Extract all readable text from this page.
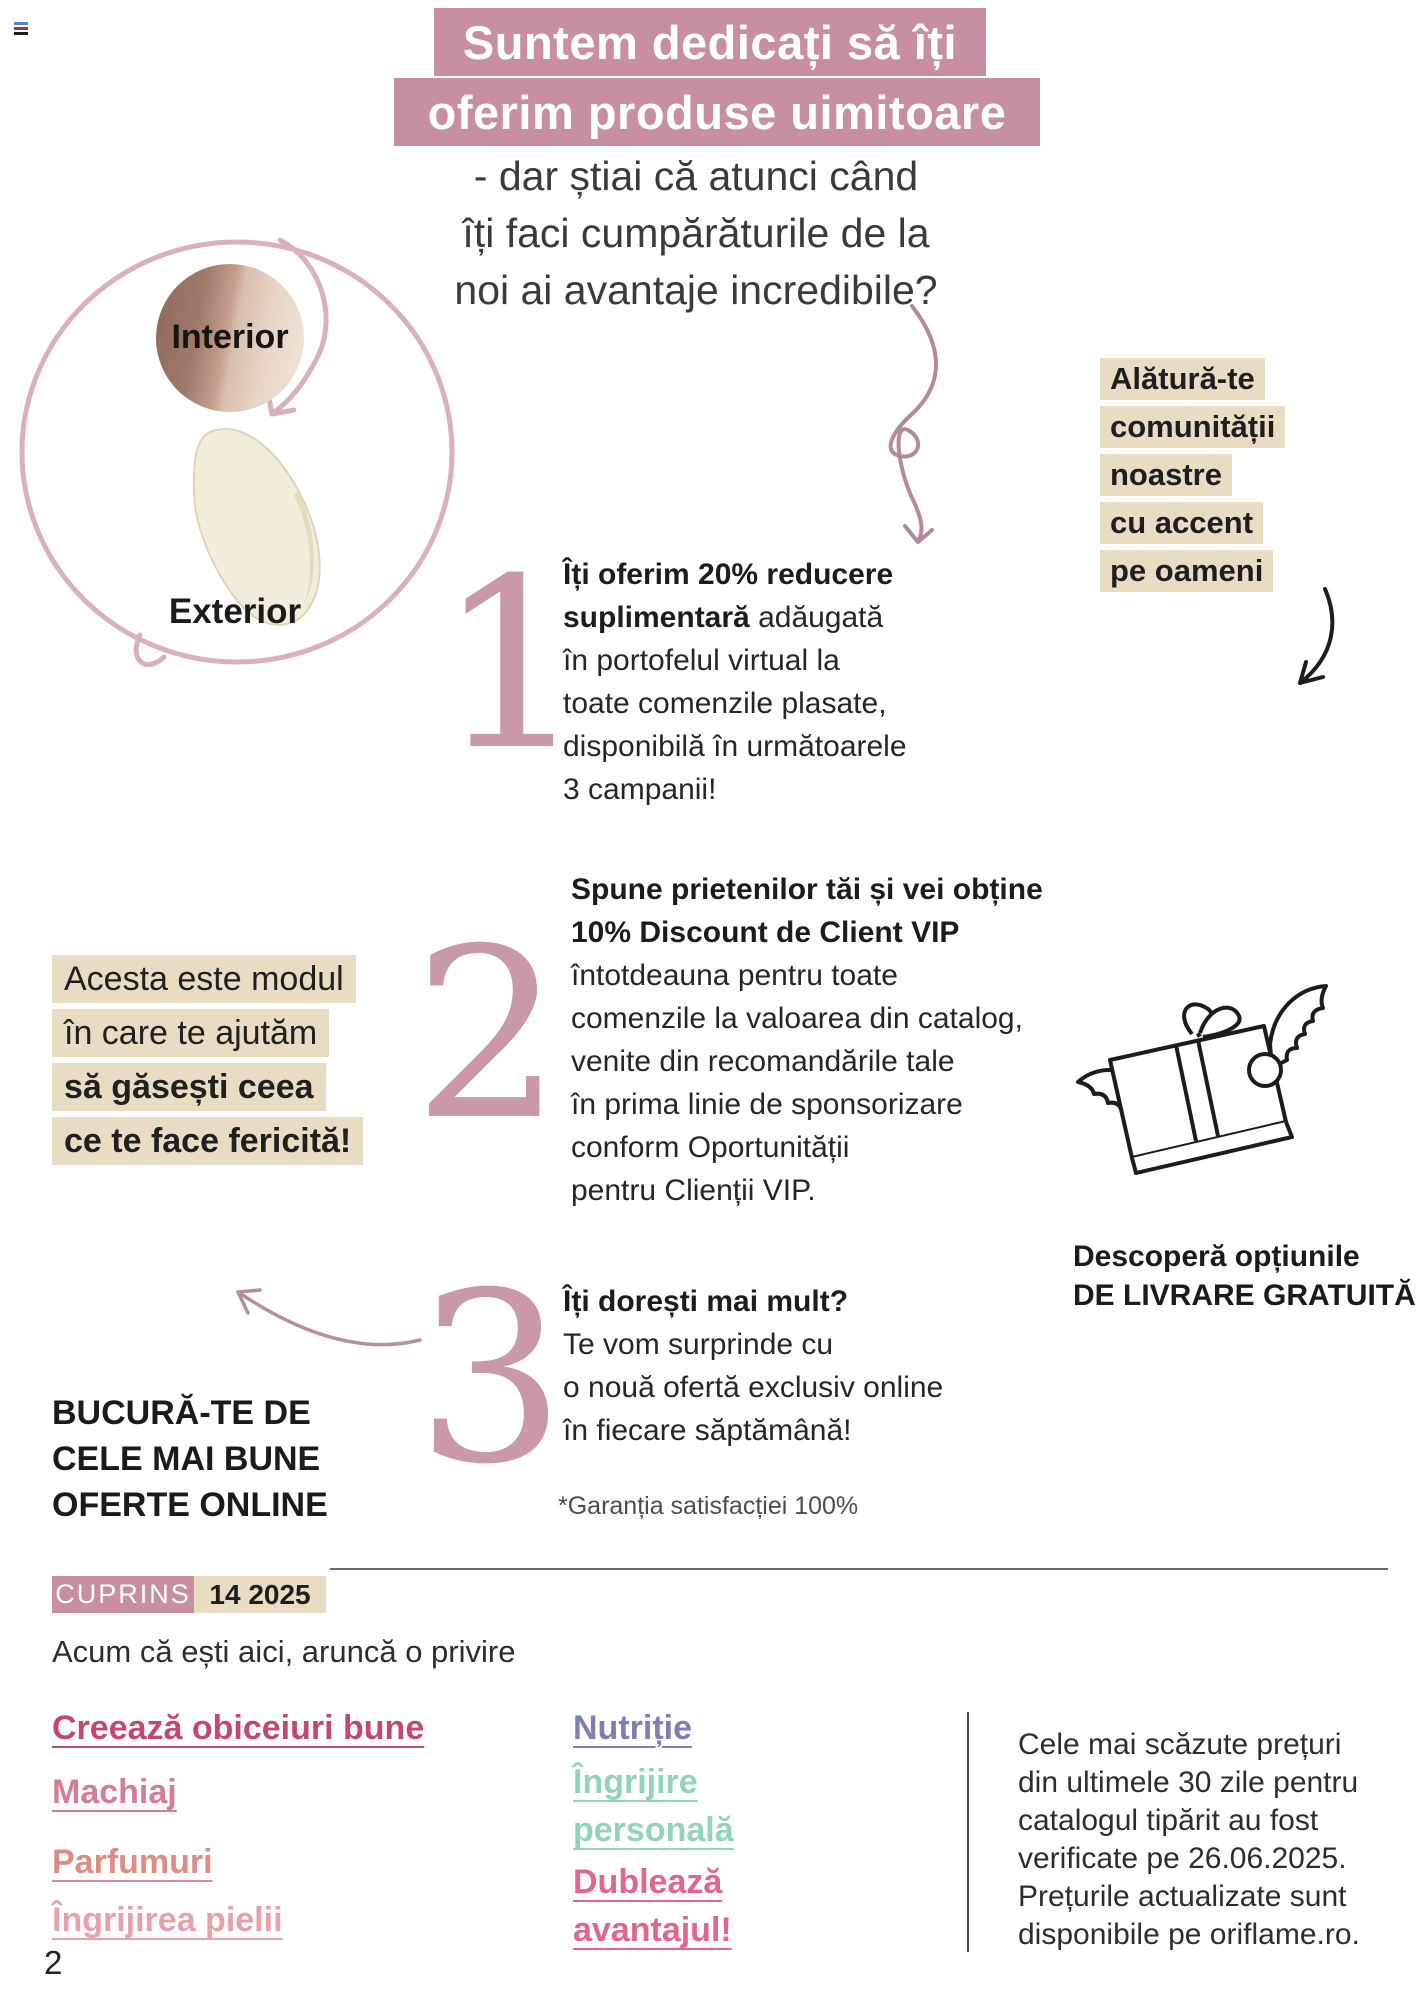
Suntem dedicați să îți
oferim produse uimitoare
- dar știai că atunci când
îți faci cumpărăturile de la
noi ai avantaje incredibile?
Interior
Exterior
Alătură-te
comunității
noastre
cu accent
pe oameni
1
Îți oferim 20% reducere
suplimentară adăugată
în portofelul virtual la
toate comenzile plasate,
disponibilă în următoarele
3 campanii!
2
Spune prietenilor tăi și vei obține
10% Discount de Client VIP
întotdeauna pentru toate
comenzile la valoarea din catalog,
venite din recomandările tale
în prima linie de sponsorizare
conform Oportunității
pentru Clienții VIP.
Acesta este modul
în care te ajutăm
să găsești ceea
ce te face fericită!
Descoperă opțiunile
DE LIVRARE GRATUITĂ
3
Îți dorești mai mult?
Te vom surprinde cu
o nouă ofertă exclusiv online
în fiecare săptămână!
*Garanția satisfacției 100%
BUCURĂ-TE DE
CELE MAI BUNE
OFERTE ONLINE
CUPRINS 14 2025
Acum că ești aici, aruncă o privire
Creează obiceiuri bune
Machiaj
Parfumuri
Îngrijirea pielii
Nutriție
Îngrijire personală
Dublează avantajul!
Cele mai scăzute prețuri
din ultimele 30 zile pentru
catalogul tipărit au fost
verificate pe 26.06.2025.
Prețurile actualizate sunt
disponibile pe oriflame.ro.
2
